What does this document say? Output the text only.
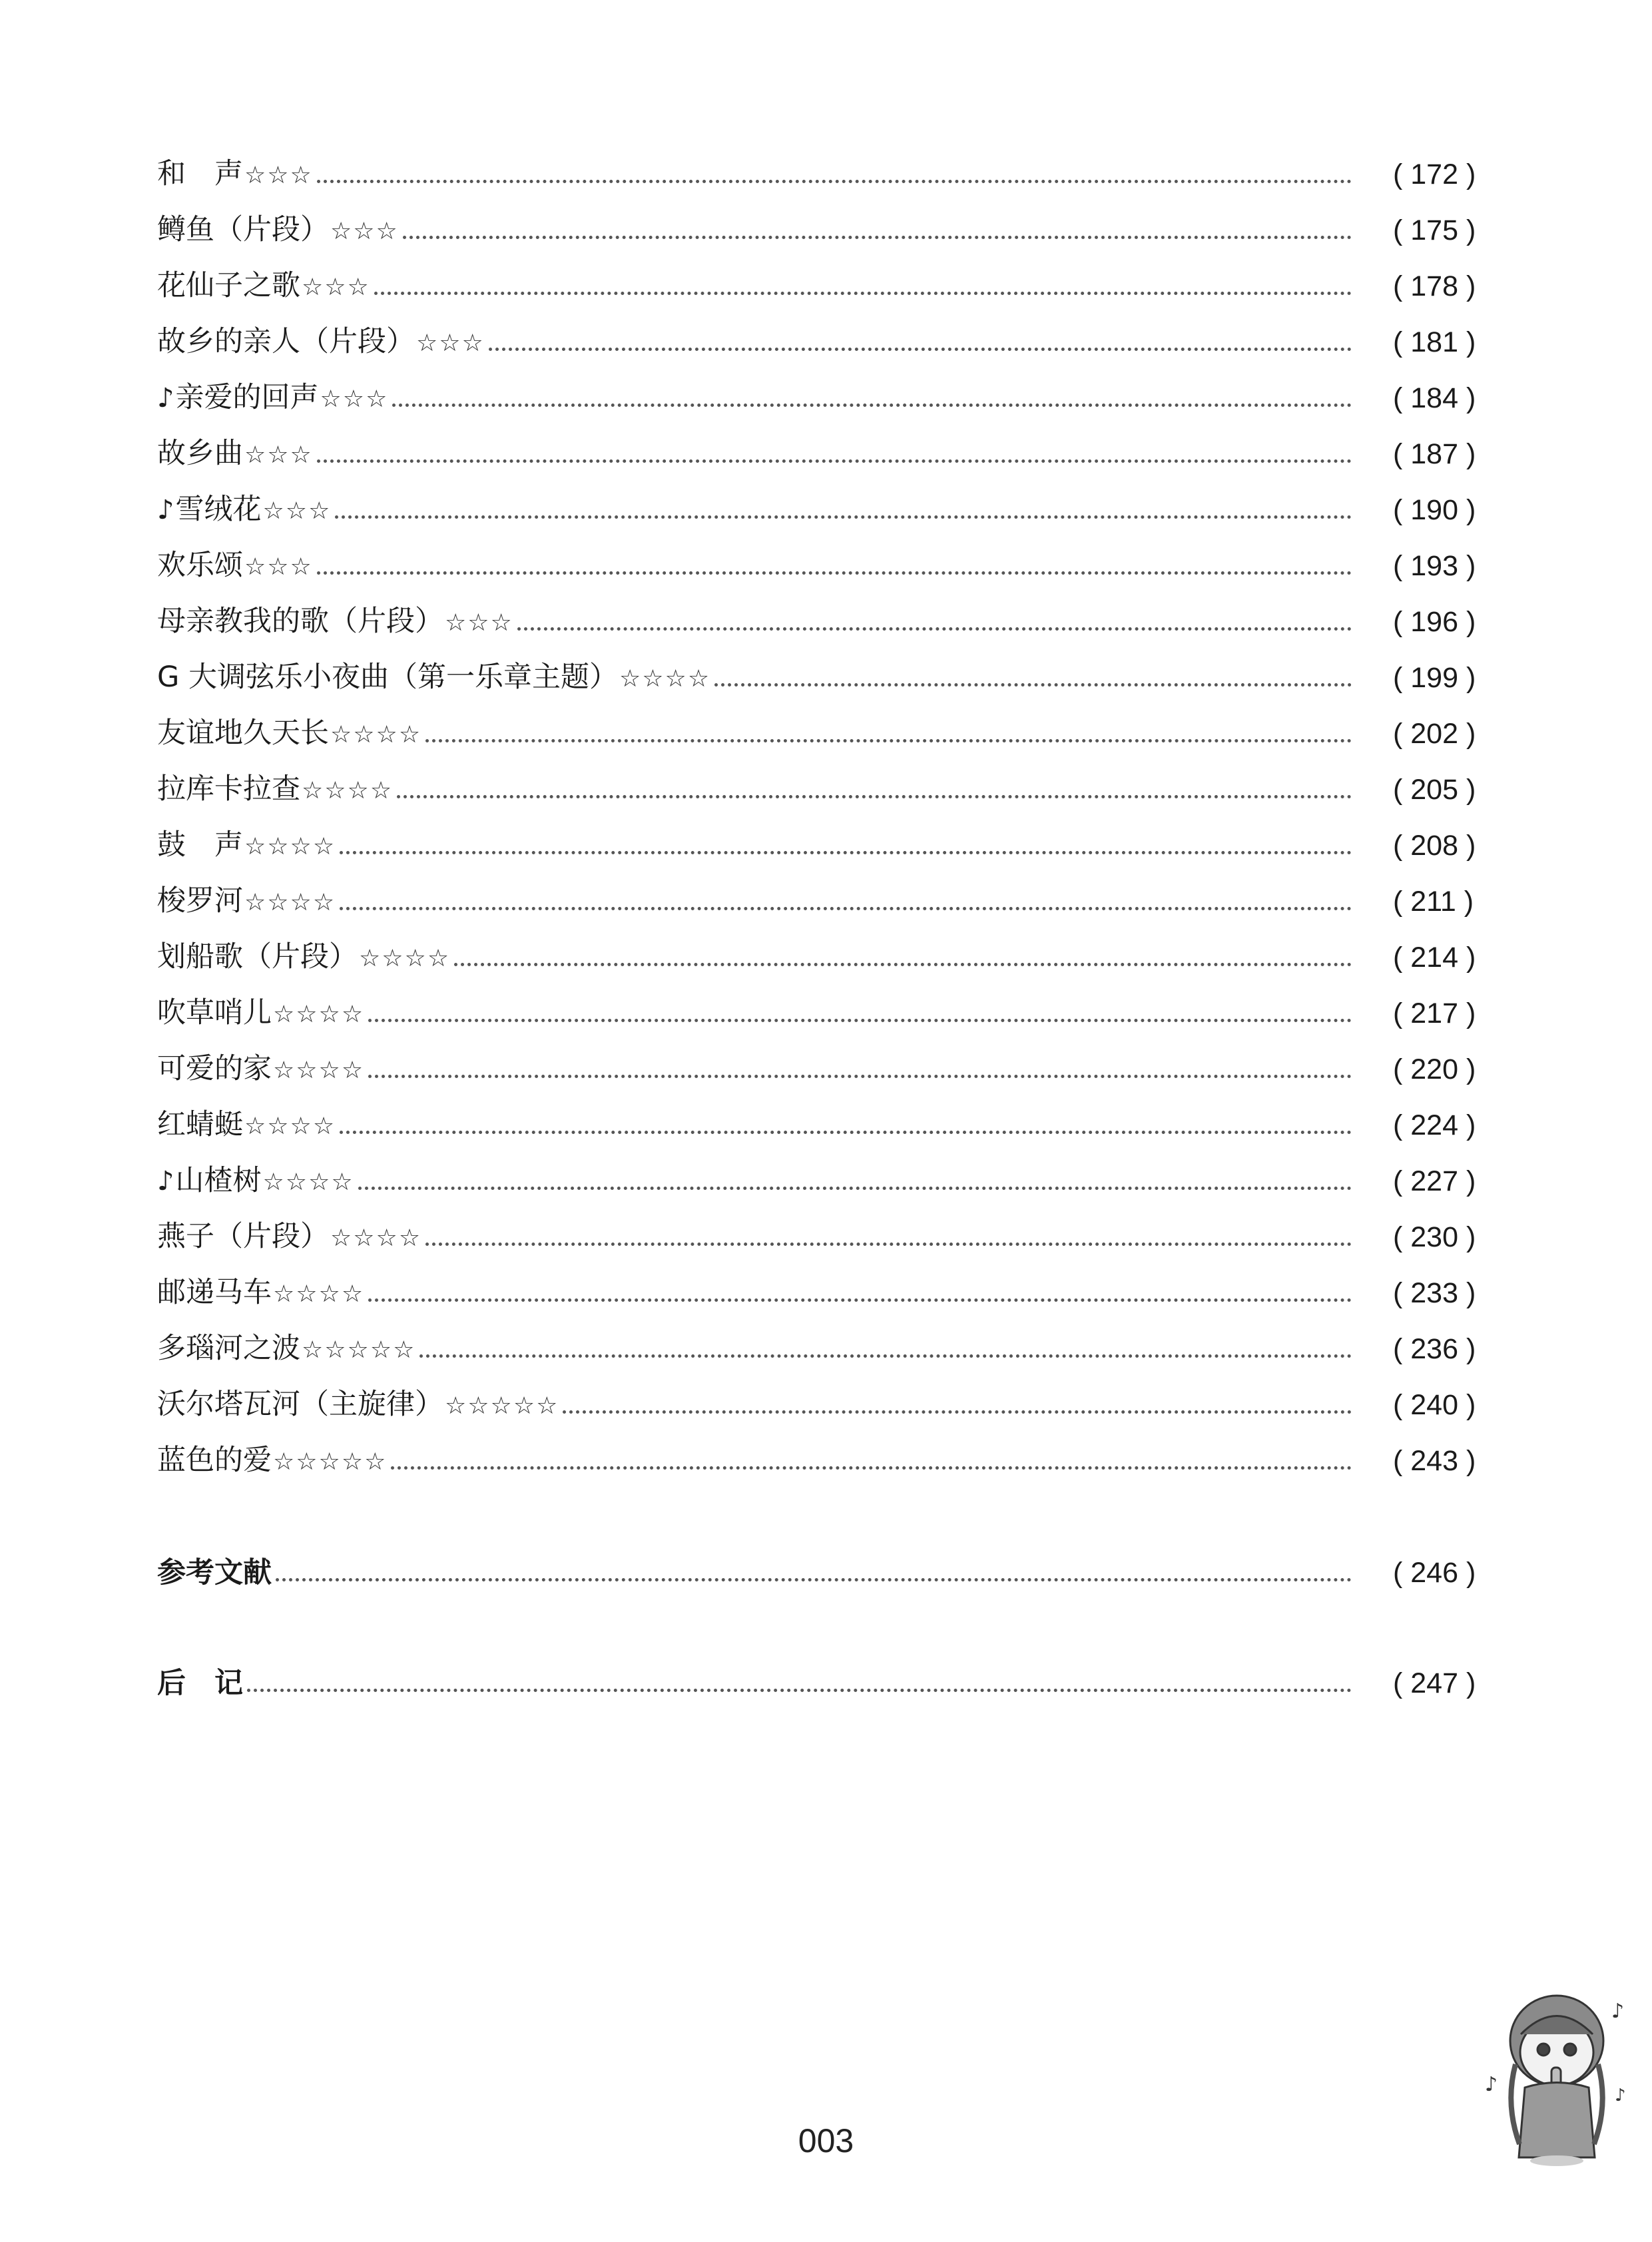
和　声☆☆☆	( 172 )
鳟鱼（片段）☆☆☆	( 175 )
花仙子之歌☆☆☆	( 178 )
故乡的亲人（片段）☆☆☆	( 181 )
♪亲爱的回声☆☆☆	( 184 )
故乡曲☆☆☆	( 187 )
♪雪绒花☆☆☆	( 190 )
欢乐颂☆☆☆	( 193 )
母亲教我的歌（片段）☆☆☆	( 196 )
G 大调弦乐小夜曲（第一乐章主题）☆☆☆☆	( 199 )
友谊地久天长☆☆☆☆	( 202 )
拉库卡拉查☆☆☆☆	( 205 )
鼓　声☆☆☆☆	( 208 )
梭罗河☆☆☆☆	( 211 )
划船歌（片段）☆☆☆☆	( 214 )
吹草哨儿☆☆☆☆	( 217 )
可爱的家☆☆☆☆	( 220 )
红蜻蜓☆☆☆☆	( 224 )
♪山楂树☆☆☆☆	( 227 )
燕子（片段）☆☆☆☆	( 230 )
邮递马车☆☆☆☆	( 233 )
多瑙河之波☆☆☆☆☆	( 236 )
沃尔塔瓦河（主旋律）☆☆☆☆☆	( 240 )
蓝色的爱☆☆☆☆☆	( 243 )
参考文献	( 246 )
后　记	( 247 )
♪
♪
♪
003
